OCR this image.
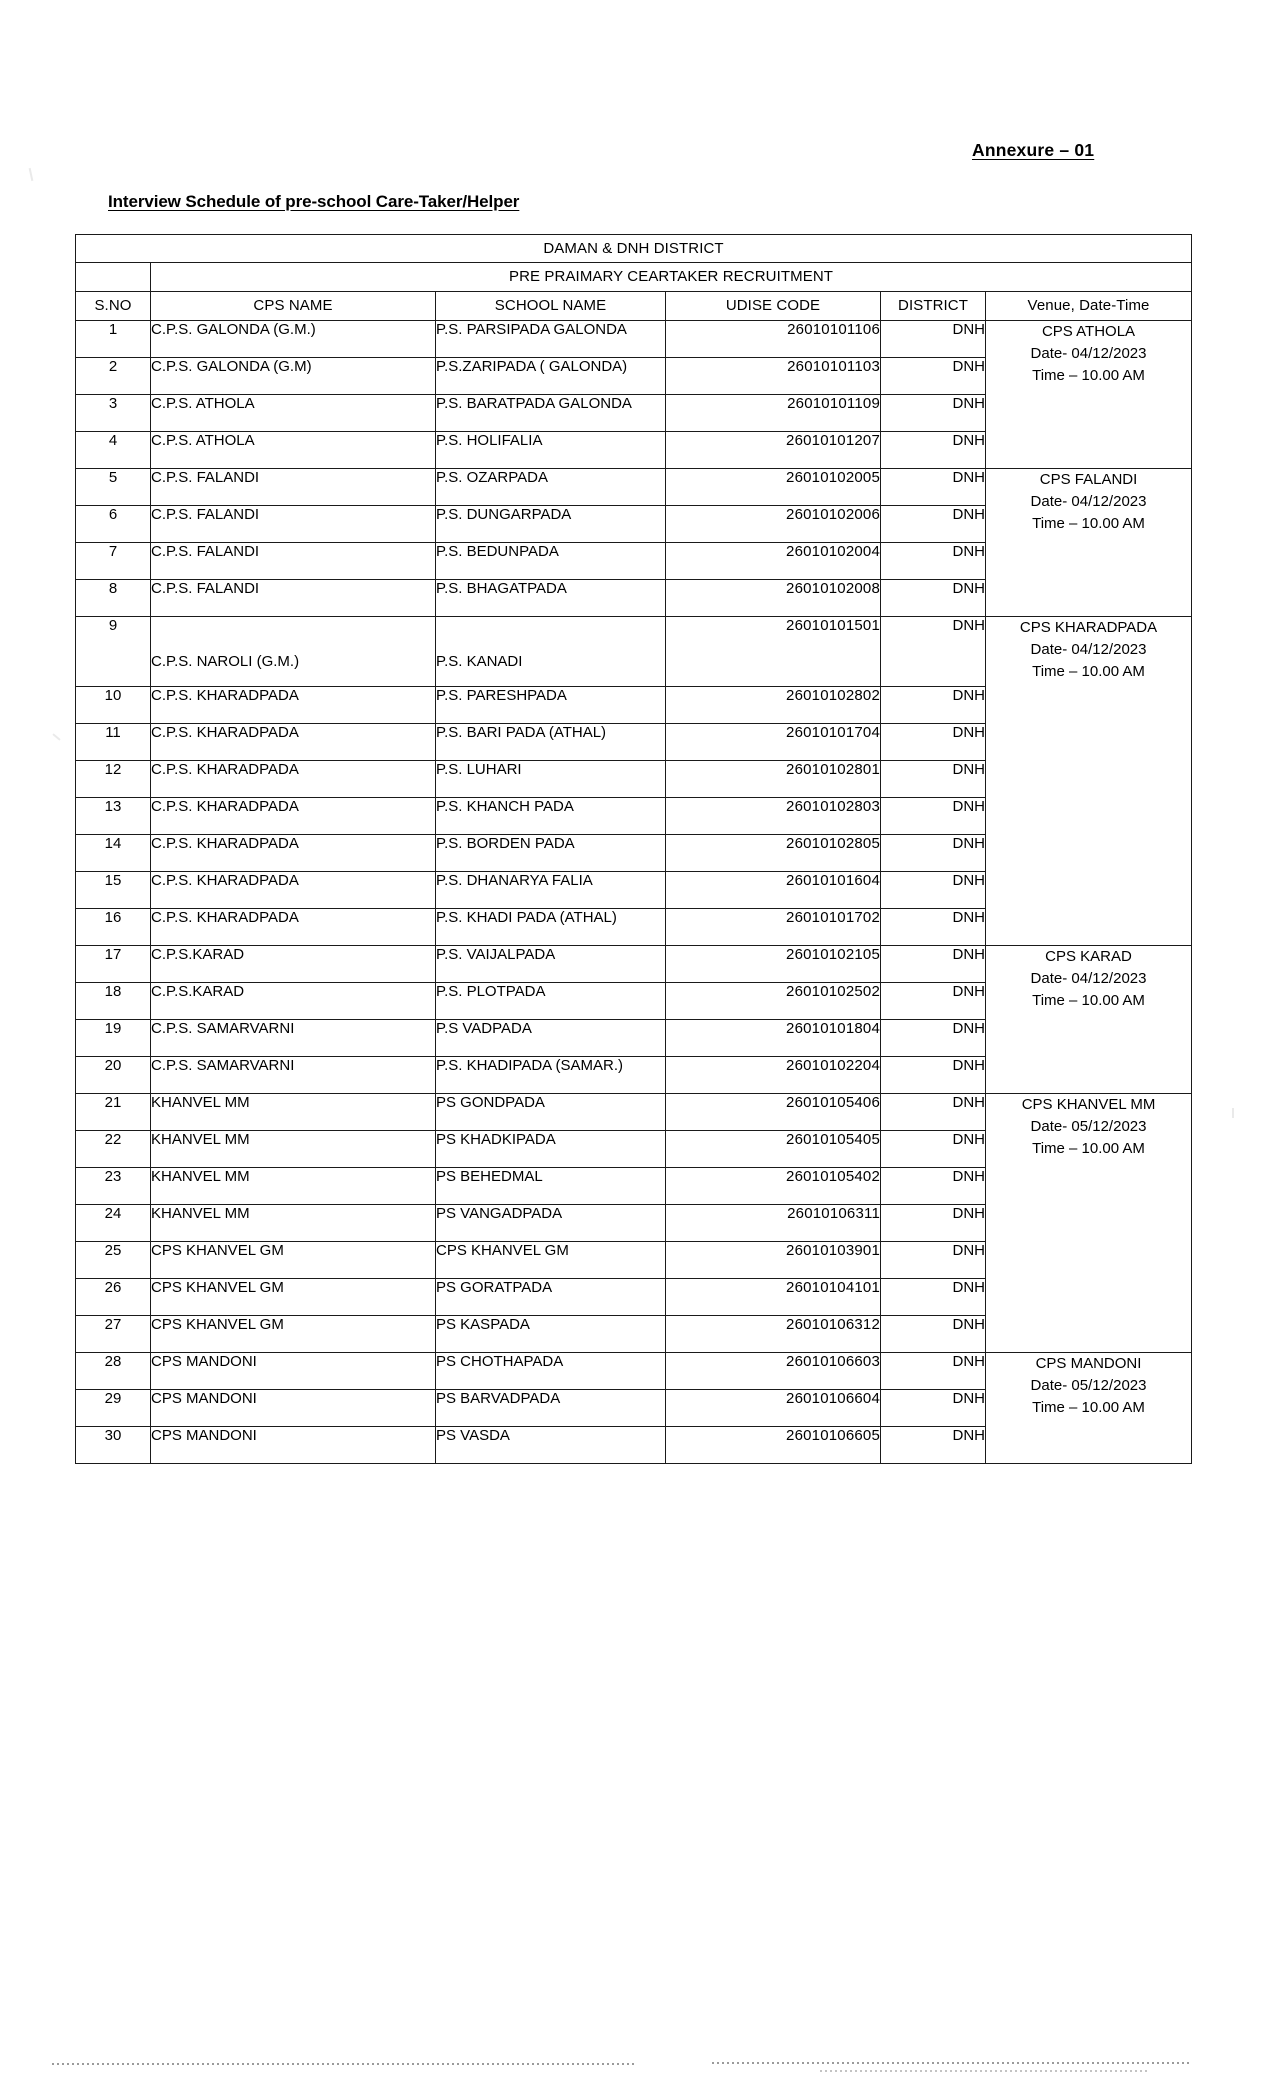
Annexure – 01
Interview Schedule of pre-school Care-Taker/Helper
DAMAN & DNH DISTRICT					
	PRE PRAIMARY CEARTAKER RECRUITMENT				
S.NO	CPS NAME	SCHOOL NAME	UDISE CODE	DISTRICT	Venue, Date-Time
1	C.P.S. GALONDA (G.M.)	P.S. PARSIPADA GALONDA	26010101106	DNH	CPS ATHOLA
Date- 04/12/2023
Time – 10.00 AM

2	C.P.S. GALONDA (G.M)	P.S.ZARIPADA ( GALONDA)	26010101103	DNH	
3	C.P.S. ATHOLA	P.S. BARATPADA GALONDA	26010101109	DNH	
4	C.P.S. ATHOLA	P.S. HOLIFALIA	26010101207	DNH	
5	C.P.S. FALANDI	P.S. OZARPADA	26010102005	DNH	CPS FALANDI
Date- 04/12/2023
Time – 10.00 AM

6	C.P.S. FALANDI	P.S. DUNGARPADA	26010102006	DNH	
7	C.P.S. FALANDI	P.S. BEDUNPADA	26010102004	DNH	
8	C.P.S. FALANDI	P.S. BHAGATPADA	26010102008	DNH	
9	C.P.S. NAROLI (G.M.)	P.S. KANADI	26010101501	DNH	CPS KHARADPADA
Date- 04/12/2023
Time – 10.00 AM

10	C.P.S. KHARADPADA	P.S. PARESHPADA	26010102802	DNH	
11	C.P.S. KHARADPADA	P.S. BARI PADA (ATHAL)	26010101704	DNH	
12	C.P.S. KHARADPADA	P.S. LUHARI	26010102801	DNH	
13	C.P.S. KHARADPADA	P.S. KHANCH PADA	26010102803	DNH	
14	C.P.S. KHARADPADA	P.S. BORDEN PADA	26010102805	DNH	
15	C.P.S. KHARADPADA	P.S. DHANARYA FALIA	26010101604	DNH	
16	C.P.S. KHARADPADA	P.S. KHADI PADA (ATHAL)	26010101702	DNH	
17	C.P.S.KARAD	P.S. VAIJALPADA	26010102105	DNH	CPS KARAD
Date- 04/12/2023
Time – 10.00 AM

18	C.P.S.KARAD	P.S. PLOTPADA	26010102502	DNH	
19	C.P.S. SAMARVARNI	P.S VADPADA	26010101804	DNH	
20	C.P.S. SAMARVARNI	P.S. KHADIPADA (SAMAR.)	26010102204	DNH	
21	KHANVEL MM	PS GONDPADA	26010105406	DNH	CPS KHANVEL MM
Date- 05/12/2023
Time – 10.00 AM

22	KHANVEL MM	PS KHADKIPADA	26010105405	DNH	
23	KHANVEL MM	PS BEHEDMAL	26010105402	DNH	
24	KHANVEL MM	PS VANGADPADA	26010106311	DNH	
25	CPS KHANVEL GM	CPS KHANVEL GM	26010103901	DNH	
26	CPS KHANVEL GM	PS GORATPADA	26010104101	DNH	
27	CPS KHANVEL GM	PS KASPADA	26010106312	DNH	
28	CPS MANDONI	PS CHOTHAPADA	26010106603	DNH	CPS MANDONI
Date- 05/12/2023
Time – 10.00 AM

29	CPS MANDONI	PS BARVADPADA	26010106604	DNH	
30	CPS MANDONI	PS VASDA	26010106605	DNH	
